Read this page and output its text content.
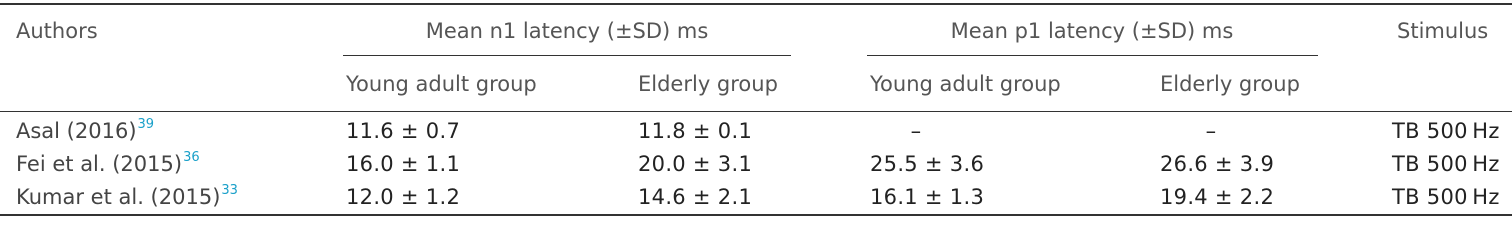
Authors	Mean n1 latency (±SD) ms	Mean p1 latency (±SD) ms	Stimulus
Young adult group	Elderly group	Young adult group	Elderly group
Asal (2016)$^{39}$	11.6 ± 0.7	11.8 ± 0.1	–	–	TB 500 Hz
Fei et al. (2015)$^{36}$	16.0 ± 1.1	20.0 ± 3.1	25.5 ± 3.6	26.6 ± 3.9	TB 500 Hz
Kumar et al. (2015)$^{33}$	12.0 ± 1.2	14.6 ± 2.1	16.1 ± 1.3	19.4 ± 2.2	TB 500 Hz
